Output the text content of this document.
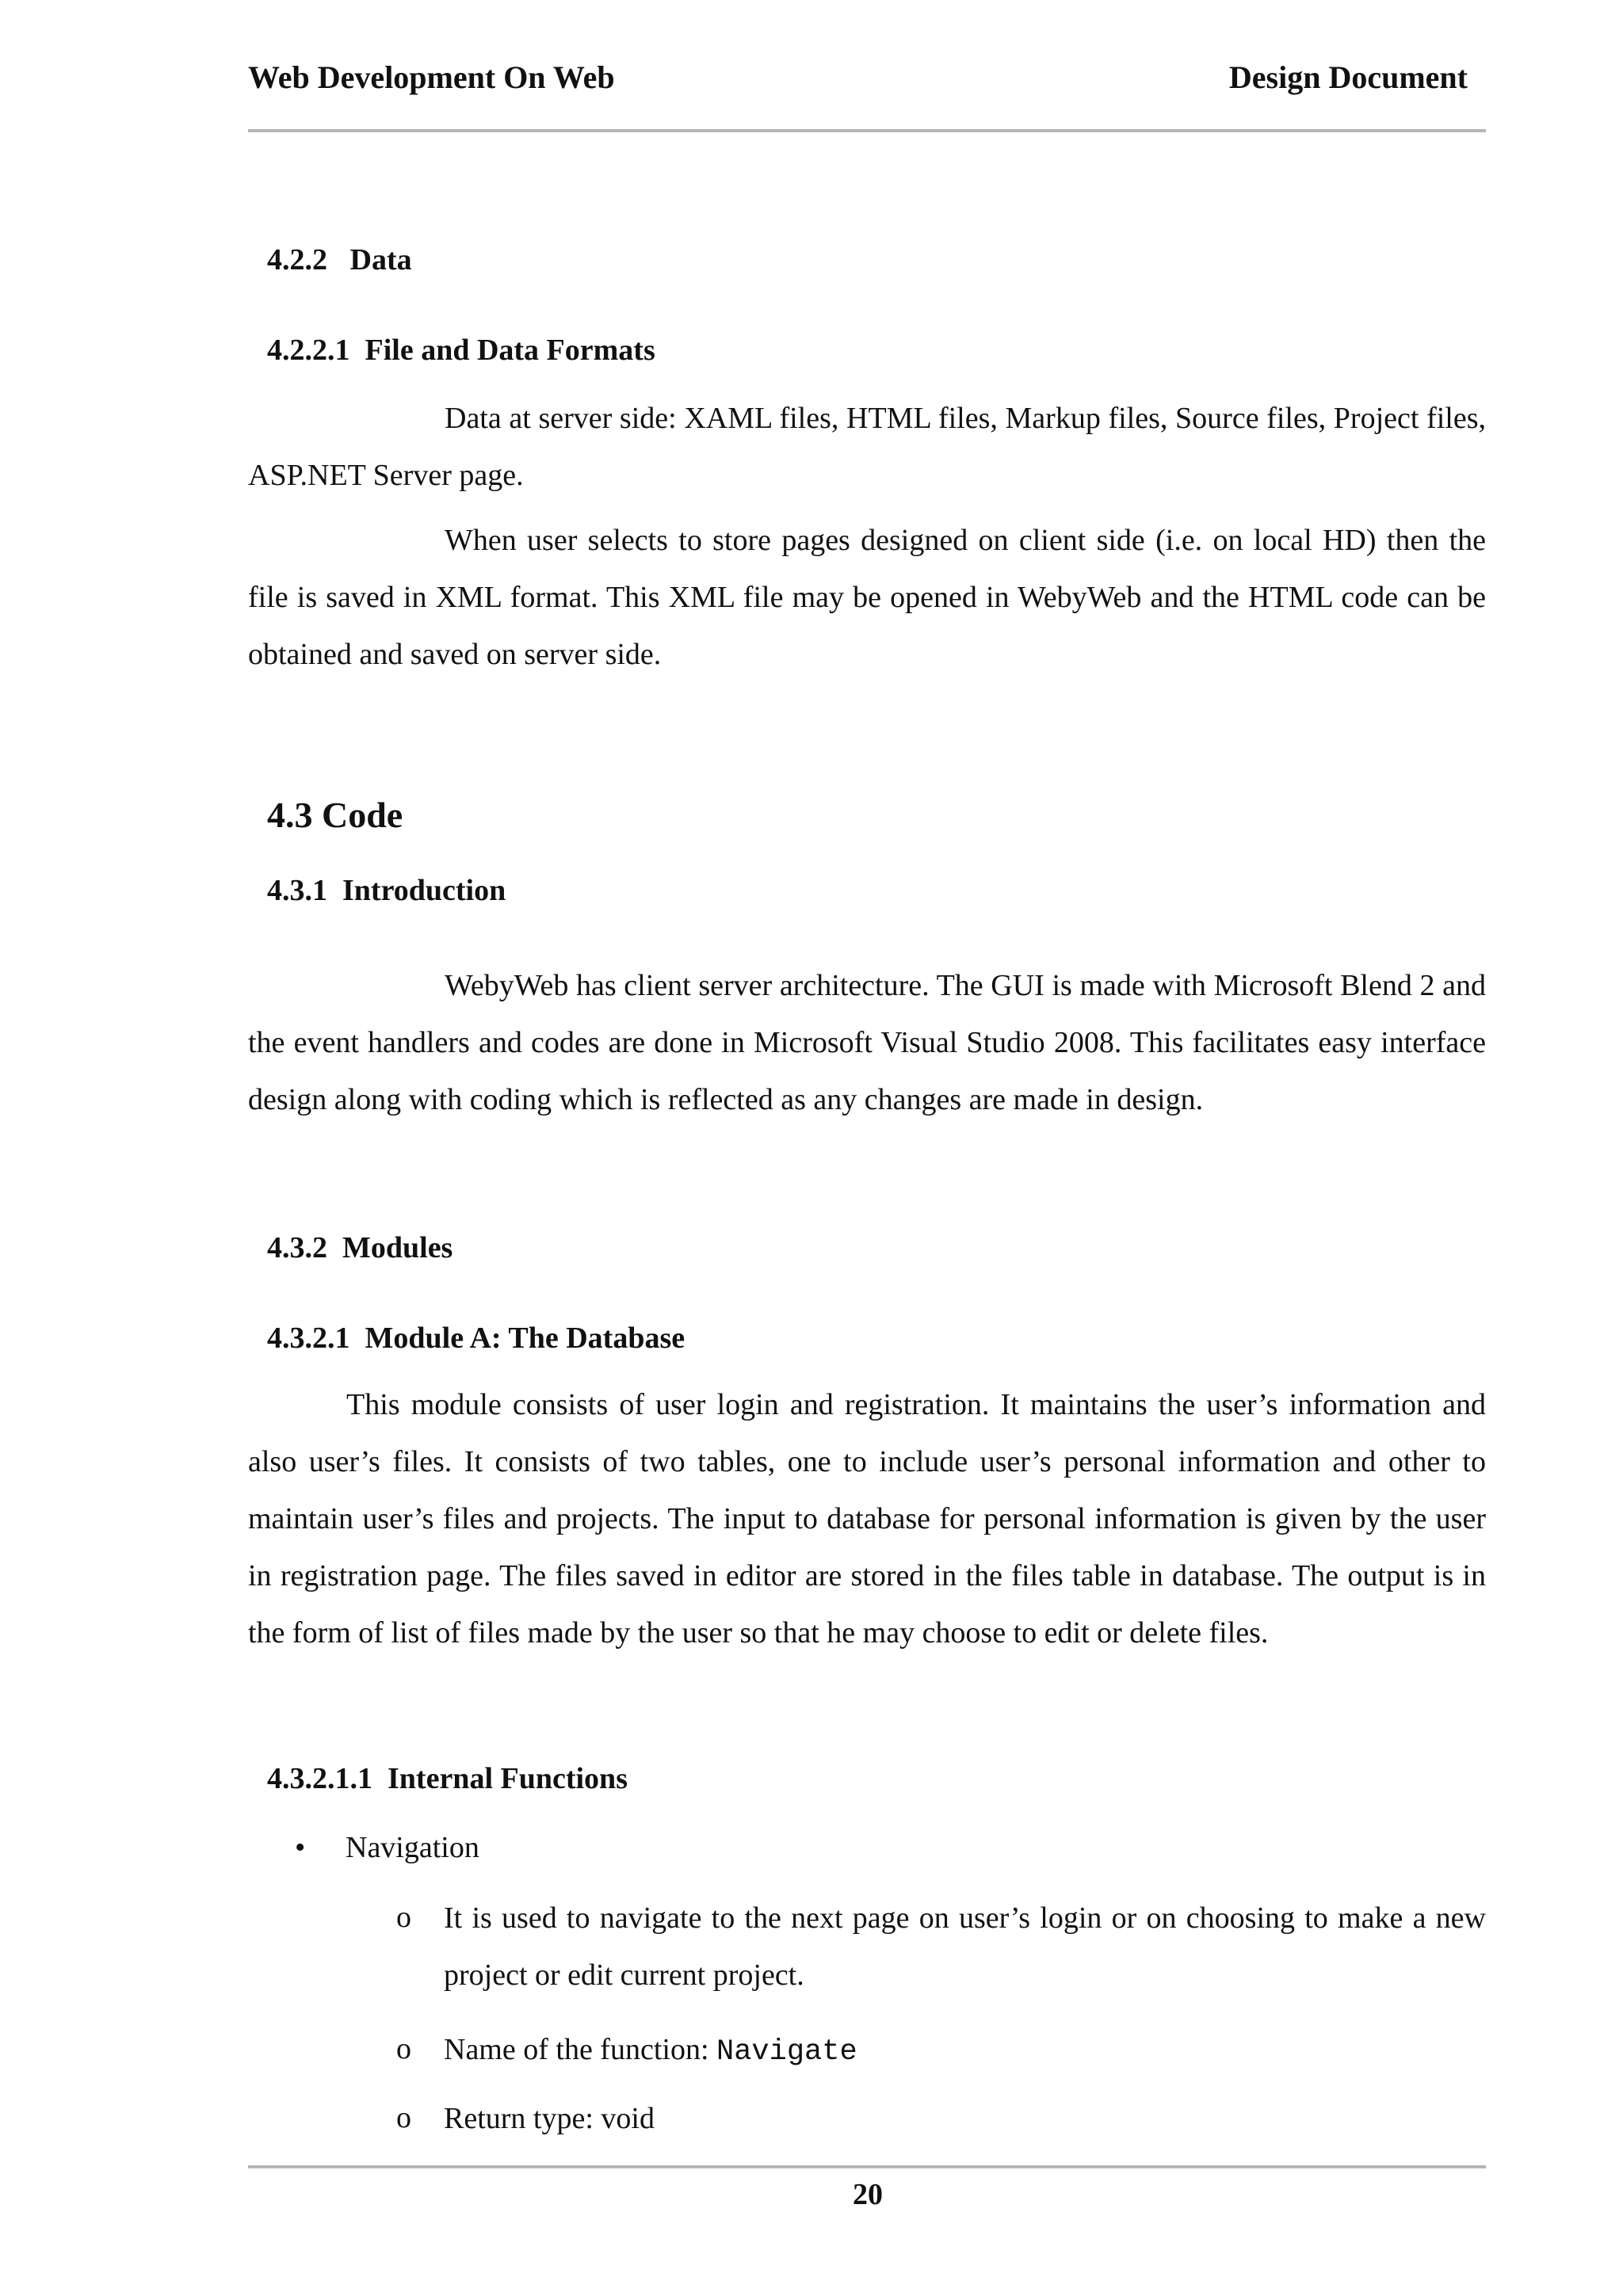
Web Development On Web	Design Document
4.2.2   Data
4.2.2.1  File and Data Formats

Data at server side: XAML files, HTML files, Markup files, Source files, Project files, ASP.NET Server page.

When user selects to store pages designed on client side (i.e. on local HD) then the file is saved in XML format. This XML file may be opened in WebyWeb and the HTML code can be obtained and saved on server side.

4.3 Code
4.3.1  Introduction

WebyWeb has client server architecture. The GUI is made with Microsoft Blend 2 and the event handlers and codes are done in Microsoft Visual Studio 2008. This facilitates easy interface design along with coding which is reflected as any changes are made in design.

4.3.2  Modules
4.3.2.1  Module A: The Database

This module consists of user login and registration. It maintains the user’s information and also user’s files. It consists of two tables, one to include user’s personal information and other to maintain user’s files and projects. The input to database for personal information is given by the user in registration page. The files saved in editor are stored in the files table in database. The output is in the form of list of files made by the user so that he may choose to edit or delete files.

4.3.2.1.1  Internal Functions
• Navigation
o It is used to navigate to the next page on user’s login or on choosing to make a new project or edit current project.

o Name of the function: Navigate

o Return type: void

20
